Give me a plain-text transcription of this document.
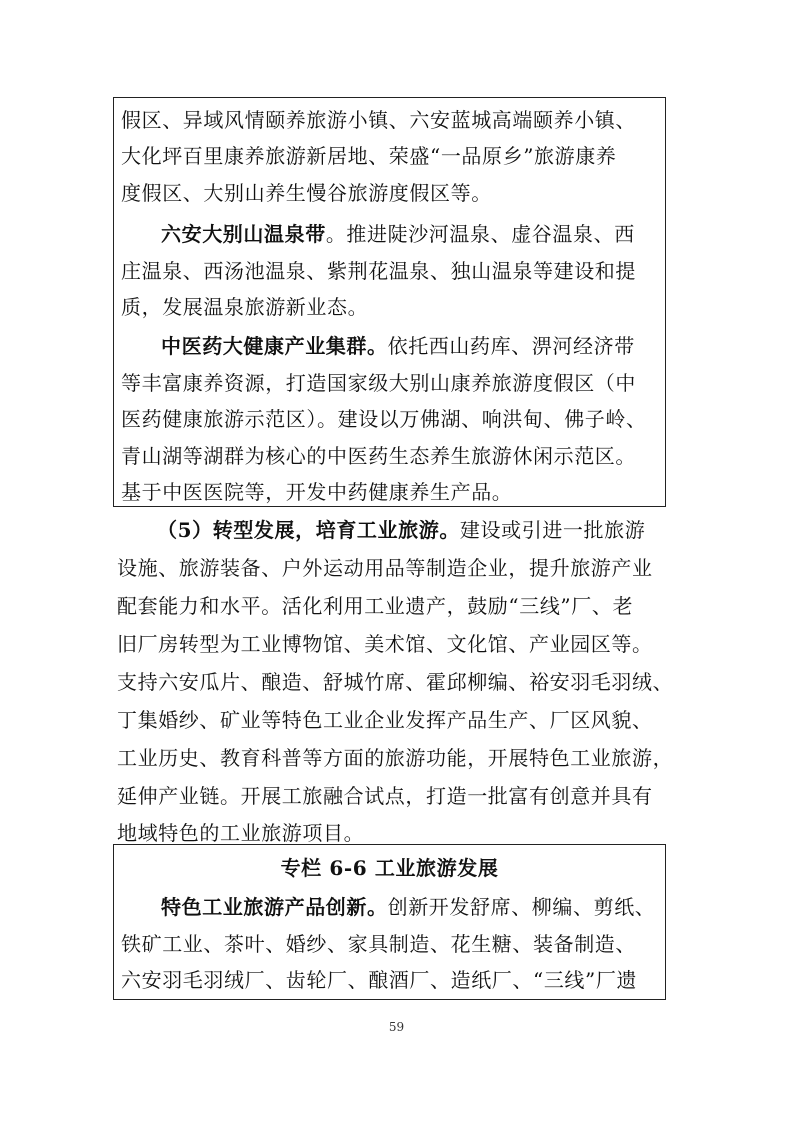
假区、异域风情颐养旅游小镇、六安蓝城高端颐养小镇、
大化坪百里康养旅游新居地、荣盛“一品原乡”旅游康养
度假区、大别山养生慢谷旅游度假区等。
六安大别山温泉带。推进陡沙河温泉、虚谷温泉、西
庄温泉、西汤池温泉、紫荆花温泉、独山温泉等建设和提
质，发展温泉旅游新业态。
中医药大健康产业集群。依托西山药库、淠河经济带
等丰富康养资源，打造国家级大别山康养旅游度假区（中
医药健康旅游示范区）。建设以万佛湖、响洪甸、佛子岭、
青山湖等湖群为核心的中医药生态养生旅游休闲示范区。
基于中医医院等，开发中药健康养生产品。
（5）转型发展，培育工业旅游。建设或引进一批旅游
设施、旅游装备、户外运动用品等制造企业，提升旅游产业
配套能力和水平。活化利用工业遗产，鼓励“三线”厂、老
旧厂房转型为工业博物馆、美术馆、文化馆、产业园区等。
支持六安瓜片、酿造、舒城竹席、霍邱柳编、裕安羽毛羽绒、
丁集婚纱、矿业等特色工业企业发挥产品生产、厂区风貌、
工业历史、教育科普等方面的旅游功能，开展特色工业旅游，
延伸产业链。开展工旅融合试点，打造一批富有创意并具有
地域特色的工业旅游项目。
专栏 6-6 工业旅游发展
特色工业旅游产品创新。创新开发舒席、柳编、剪纸、
铁矿工业、茶叶、婚纱、家具制造、花生糖、装备制造、
六安羽毛羽绒厂、齿轮厂、酿酒厂、造纸厂、“三线”厂遗
59
